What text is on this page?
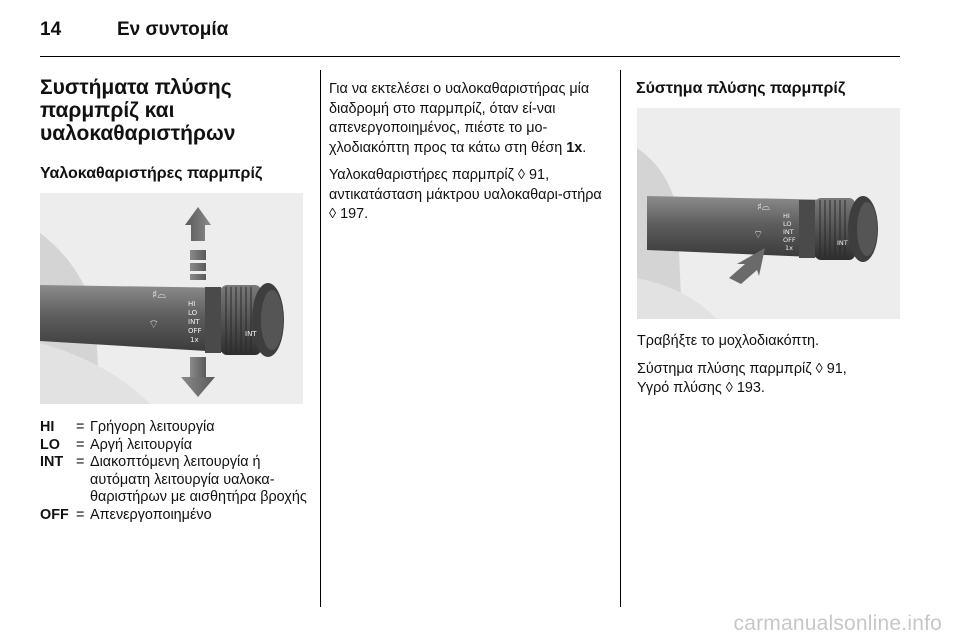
14	Εν συντομία
Συστήματα πλύσης παρμπρίζ και υαλοκαθαριστήρων
Υαλοκαθαριστήρες παρμπρίζ
♯⌓
⌔
HI
LO
INT
OFF
1x
INT
HI	= Γρήγορη λειτουργία
LO	= Αργή λειτουργία
INT = Διακοπτόμενη λειτουργία ή αυτόματη λειτουργία υαλοκα-θαριστήρων με αισθητήρα βροχής
OFF = Απενεργοποιημένο

Για να εκτελέσει ο υαλοκαθαριστήρας μία διαδρομή στο παρμπρίζ, όταν εί-ναι απενεργοποιημένος, πιέστε το μο-χλοδιακόπτη προς τα κάτω στη θέση 1x.

Υαλοκαθαριστήρες παρμπρίζ ◊ 91,
αντικατάσταση μάκτρου υαλοκαθαρι-στήρα ◊ 197.

Σύστημα πλύσης παρμπρίζ
♯⌓
⌔
HI
LO
INT
OFF
1x
INT

Τραβήξτε το μοχλοδιακόπτη.

Σύστημα πλύσης παρμπρίζ ◊ 91,
Υγρό πλύσης ◊ 193.

carmanualsonline.info
